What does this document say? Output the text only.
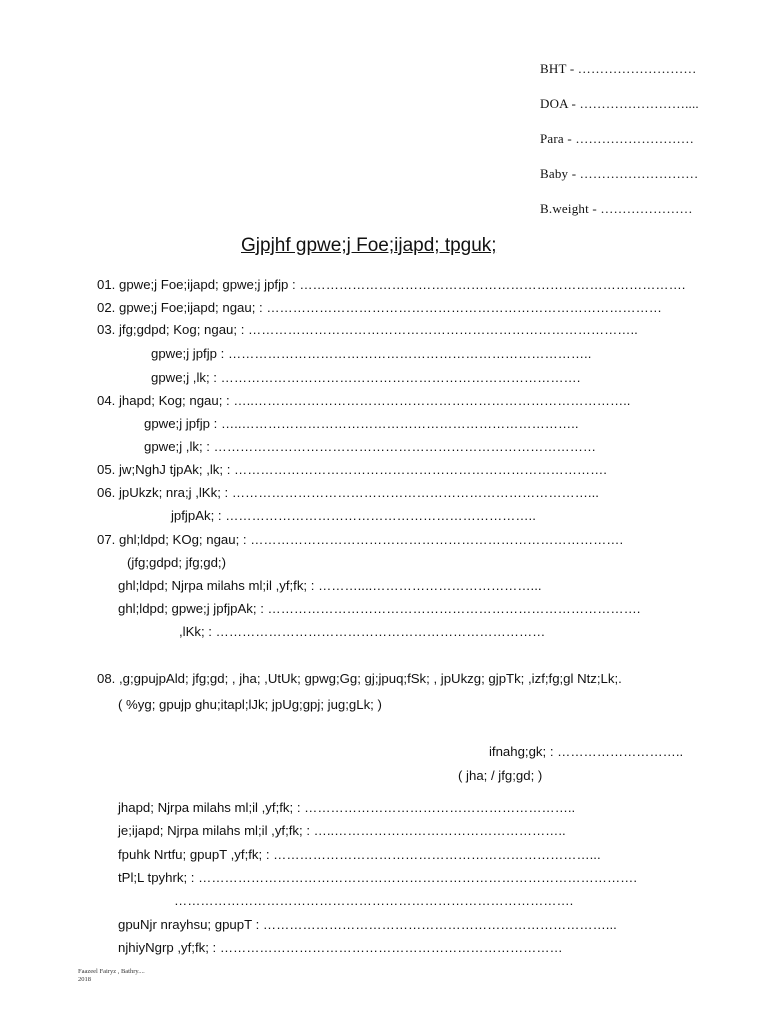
BHT - ………………………
DOA - ……………………....
Para - ………………………
Baby - ………………………
B.weight - …………………
Gjpjhf gpwe;j Foe;ijapd; tpguk;
01. gpwe;j Foe;ijapd; gpwe;j jpfjp : …………………………………………………………………………….
02. gpwe;j Foe;ijapd; ngau; : ………………………………………………………………………………
03. jfg;gdpd; Kog; ngau; : ……………………………………………………………………………..
gpwe;j jpfjp : ………………………………………………………………………..
gpwe;j ,lk; : ……………………………………………………………………….
04. jhapd; Kog; ngau; : …..…………………………………………………………………………..
gpwe;j jpfjp : …..…………………………………………………………………..
gpwe;j ,lk; : ……………………………………………………………………………
05. jw;NghJ tjpAk; ,lk; : ………………………………………………………………………….
06. jpUkzk; nra;j ,lKk; : ………………………………………………………………………...
jpfjpAk; : ……………………………………………………………..
07. ghl;ldpd; KOg; ngau; : ………………………………………………………………………….
(jfg;gdpd; jfg;gd;)
ghl;ldpd; Njrpa milahs ml;il ,yf;fk; : ………....………………………………...
ghl;ldpd; gpwe;j jpfjpAk; : ………………………………………………………………………….
,lKk; : …………………………………………………………………
08. ,g;gpujpAld; jfg;gd; , jha; ,UtUk; gpwg;Gg; gj;jpuq;fSk; , jpUkzg; gjpTk; ,izf;fg;gl Ntz;Lk;.
( %yg; gpujp ghu;itapl;lJk; jpUg;gpj; jug;gLk; )
ifnahg;gk; : ………………………..
( jha; / jfg;gd; )
jhapd; Njrpa milahs ml;il ,yf;fk; : ……………………………………………………..
je;ijapd; Njrpa milahs ml;il ,yf;fk; : …..……………………………………………..
fpuhk Nrtfu; gpupT ,yf;fk; : ………………………………………………………………...
tPl;L tpyhrk; : ……………………………………………………………………………………….
……………………………………………………………………………….
gpuNjr nrayhsu; gpupT : ……………………………………………………………………...
njhiyNgrp ,yf;fk; : ……………………………………………………………………
Faazeel Fairyz , Bathry....
2018
